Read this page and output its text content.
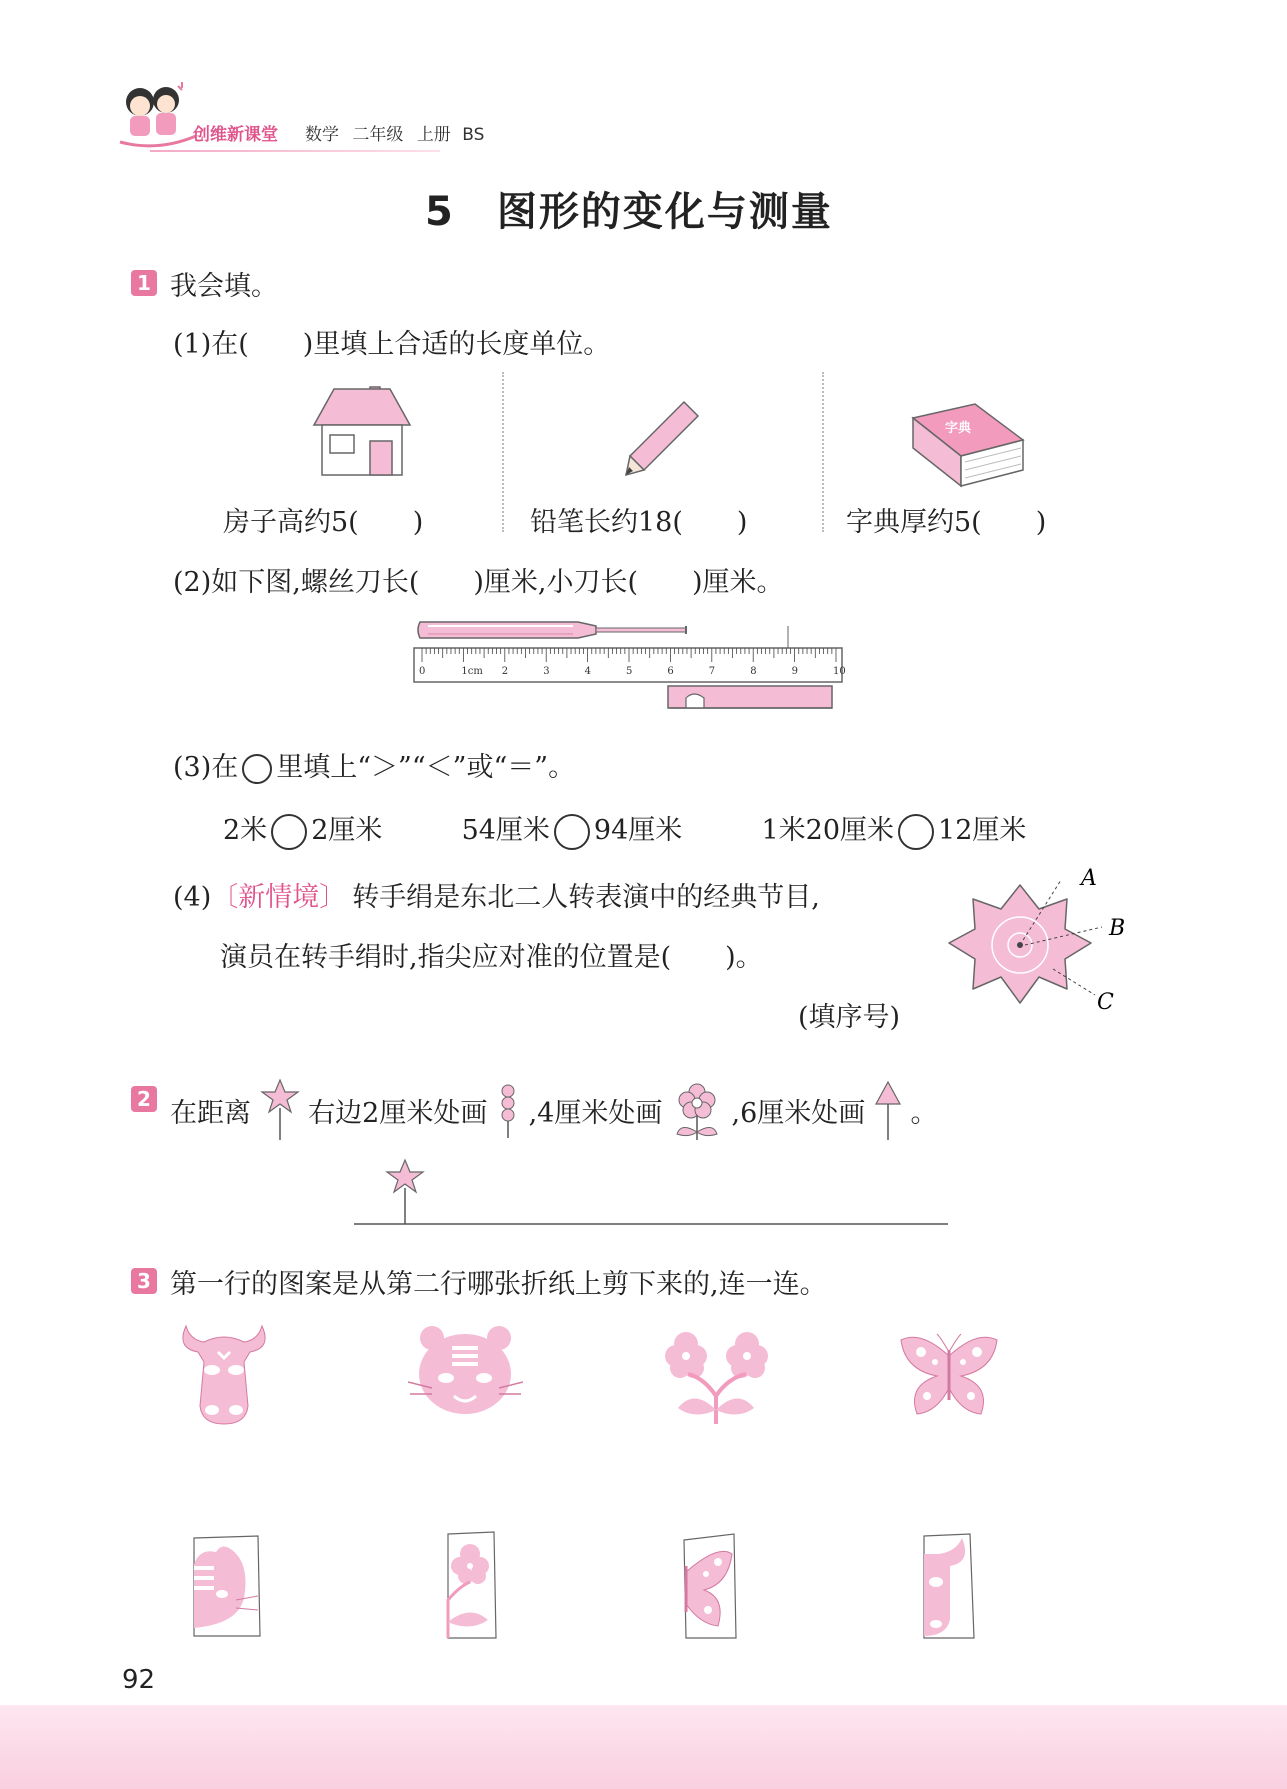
创维新课堂 数学 二年级 上册 BS
5　图形的变化与测量
1 我会填。
(1)在(　　)里填上合适的长度单位。
字典
房子高约5(　　)	铅笔长约18(　　)	字典厚约5(　　)
(2)如下图,螺丝刀长(　　)厘米,小刀长(　　)厘米。
0	1cm 2	3	4	5	6	7	8	9	10
(3)在 里填上“＞”“＜”或“＝”。
2米 2厘米	54厘米 94厘米	1米20厘米 12厘米
(4)〔新情境〕 转手绢是东北二人转表演中的经典节目,
演员在转手绢时,指尖应对准的位置是(　　)。
(填序号)
A
B
C
2 在距离 右边2厘米处画 ,4厘米处画	,6厘米处画 。
3 第一行的图案是从第二行哪张折纸上剪下来的,连一连。
92
